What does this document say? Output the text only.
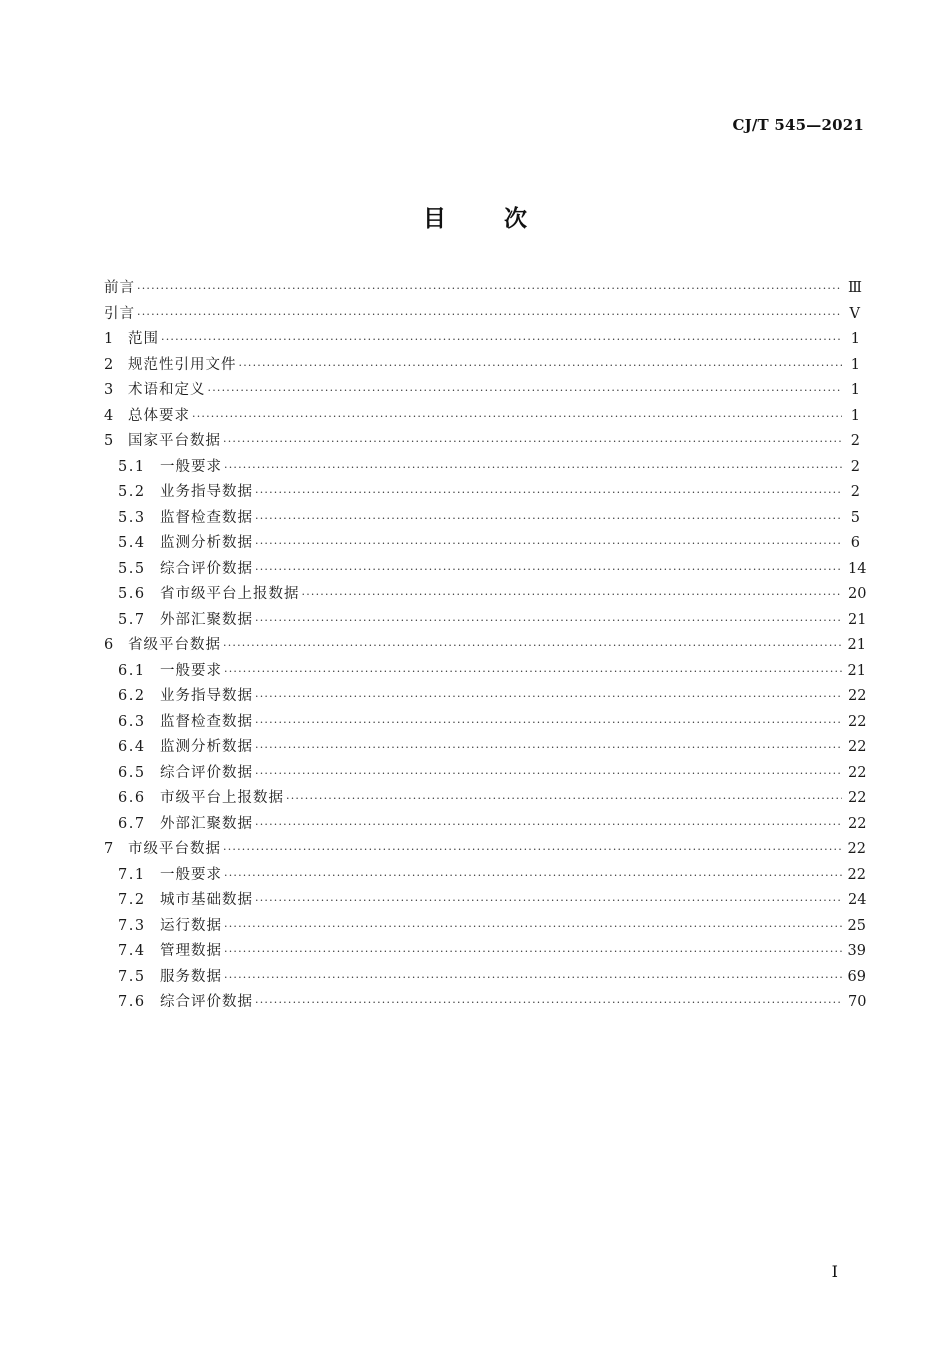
CJ/T 545—2021
目次
前言 ·····	Ⅲ
引言 ·····	Ⅴ
1	范围 ·····	1
2	规范性引用文件 ·····	1
3	术语和定义 ·····	1
4	总体要求 ·····	1
5	国家平台数据 ·····	2
5.1 一般要求 ·····	2
5.2 业务指导数据 ·····	2
5.3 监督检查数据 ·····	5
5.4 监测分析数据 ·····	6
5.5 综合评价数据 ·····	14
5.6 省市级平台上报数据 ·····	20
5.7 外部汇聚数据 ·····	21
6	省级平台数据 ·····	21
6.1 一般要求 ·····	21
6.2 业务指导数据 ·····	22
6.3 监督检查数据 ·····	22
6.4 监测分析数据 ·····	22
6.5 综合评价数据 ·····	22
6.6 市级平台上报数据 ·····	22
6.7 外部汇聚数据 ·····	22
7	市级平台数据 ·····	22
7.1 一般要求 ·····	22
7.2 城市基础数据 ·····	24
7.3 运行数据 ·····	25
7.4 管理数据 ·····	39
7.5 服务数据 ·····	69
7.6 综合评价数据 ·····	70
Ⅰ
